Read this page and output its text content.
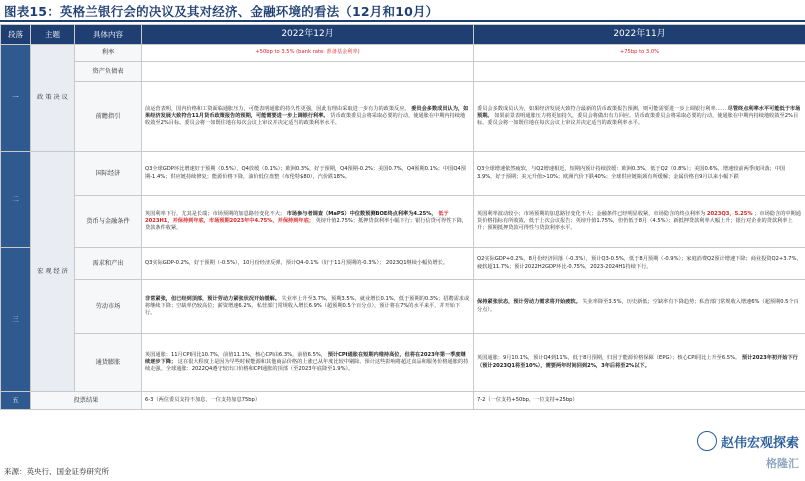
图表15：英格兰银行会的决议及其对经济、金融环境的看法（12月和10月）
段落	主题	具体内容	2022年12月	2022年11月
一	政 策 决 议	利率	+50bp to 3.5% (bank rate: 准备基金利率)	+75bp to 3.0%
		资产负债表		
		前瞻指引	前运营表明，国内价格和工资面临通胀压力，可能表明通胀的持久性更强，因此有理由采取进一步有力的政策反应。 委员会多数成员认为，如果经济发展大致符合11月货币政策报告的预期，可能需要进一步上调银行利率。 货币政策委员会将采取必要的行动，使通胀在中期内持续地收敛至2%目标。委员会将一如既往地在每次会议上审议并决定适当的政策利率水平。	委员会多数成员认为，如果经济发展大致符合最新的货币政策报告预测，则可能需要进一步上调银行利率…… 尽管终点利率水平可能低于市场预期。 如果前景表明通胀压力将更加持久，委员会将做出有力回应。货币政策委员会将采取必要的行动，使通胀在中期内持续地收敛至2%目标。委员会将一如既往地在每次会议上审议并决定适当的政策利率水平。
二	宏 观 经 济	国际经济	Q3全球GDP环比增速好于预期（0.5%），Q4放缓（0.1%）；欧洲0.3%，好于预期，Q4预期-0.2%；美国0.7%，Q4预期0.1%；中国Q4预期-1.4%；供应链持续修复；能源价格下降，油价低位盘整（布伦特$80），汽价跌18%。	Q3全球增速依然疲软，与Q2增速相近，短期内预计持续放缓：欧洲0.3%，低于Q2（0.8%）；美国0.6%，增速较前两季度回落；中国3.9%，好于预期；美元升值>10%；欧洲汽价下跌40%；全球供应链瓶颈有所缓解；金属价格自9月以来小幅下跌
		货币与金融条件	英国利率下行，尤其是长端；市场预期的加息路径变化不大； 市场参与者调查（MaPS）中位数预测BOE终点利率为4.25%， 低于2023H1，并保持到年底，市场预期2023年中4.75%，并保持到年底； 英镑升值2.75%；抵押贷款利率小幅下行；银行信贷可得性下降，贷款条件收紧。	英国利率波动较小；市场预期的加息路径变化不大；金融条件已经明显收紧，市场隐含的终点利率为 2023Q3，5.25% ；市场隐含的中期通货价格指标有所收敛，低于上次会议报告；英镑升值1.75%，但仍低于8月（4.5%）；新抵押贷款利率大幅上升；银行对企业的贷款利率上升；预期抵押贷款可得性与贷款利率水平。
三		需求和产出	Q3实际GDP-0.2%，好于预期（-0.5%），10月份经济反弹，预计Q4-0.1%（好于11月预期的-0.3%）； 2023Q1继续小幅负增长。	Q2实际GDP+0.2%，8月份经济回落（-0.3%），预计Q3-0.5%，低于8月预期（-0.9%）；家庭消费Q2预计增速下降；商业投资Q2+3.7%，疲软超11.7%；预计2022H2GDP环比-0.75%，2023-2024H1持续下行。
		劳动市场	非常紧张，但已经到顶部，预计劳动力紧张状况开始缓解。 失业率上升至3.7%，预期3.5%，就业增长0.1%，低于预期的0.3%；招聘需求或将继续下降；空缺率仍较高位；薪资增速6.2%，私营部门常规收入增长6.9%（超预期0.5个百分点），预计将在7%的水平来平，并开始下行。	保持紧张状态，预计劳动力需求将开始疲软。 失业率降至3.5%，历史新低；空缺率有下降趋势；私营部门常规收入增速6%（超预期0.5个百分点）。
		通货膨胀	英国通胀：11月CPI同比10.7%，前值11.1%，核心CPI由6.3%，前值6.5%， 预计CPI通胀在短期内维持高位，但将在2023年第一季度继续逐步下降； 这在很大程度上是因为早些时候能源和其他商品价格的上涨已从年度比较中剔除。预计这些影响将超过食品和服务价格通胀的持续走强。全球通胀：2022Q4遵守较出口价格和CPI通胀的顶部（至2023年底降至1.9%）。	英国通胀：9月10.1%，预计Q4到11%，低于8月预期，归因于能源价格保障（EPG）；核心CPI同比上升至6.5%。 预计2023年初开始下行（预计2023Q1将至10%），需要两年时间回到2%，3年后将至2%以下。
五	投票结果		6-3（两位委员支持不加息，一位支持加息75bp）	7-2（一位支持+50bp，一位支持+25bp）
赵伟宏观探索
格隆汇
来源：英央行、国金证券研究所
